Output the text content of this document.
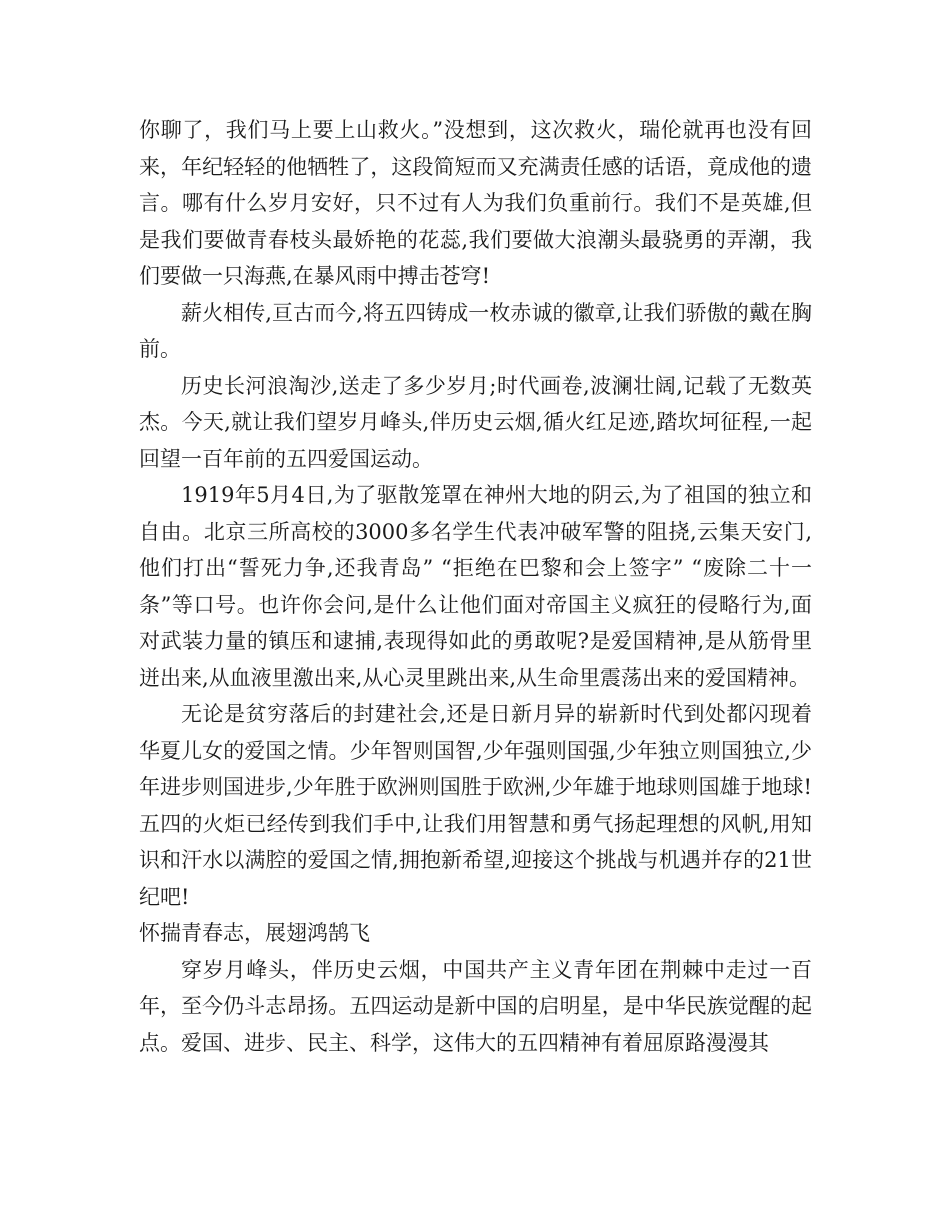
你聊了，我们马上要上山救火。”没想到，这次救火，瑞伦就再也没有回来，年纪轻轻的他牺牲了，这段简短而又充满责任感的话语，竟成他的遗言。哪有什么岁月安好，只不过有人为我们负重前行。我们不是英雄,但是我们要做青春枝头最娇艳的花蕊,我们要做大浪潮头最骁勇的弄潮，我们要做一只海燕,在暴风雨中搏击苍穹!

薪火相传,亘古而今,将五四铸成一枚赤诚的徽章,让我们骄傲的戴在胸前。

历史长河浪淘沙,送走了多少岁月;时代画卷,波澜壮阔,记载了无数英杰。今天,就让我们望岁月峰头,伴历史云烟,循火红足迹,踏坎坷征程,一起回望一百年前的五四爱国运动。

1919年5月4日,为了驱散笼罩在神州大地的阴云,为了祖国的独立和自由。北京三所高校的3000多名学生代表冲破军警的阻挠,云集天安门,他们打出“誓死力争,还我青岛” “拒绝在巴黎和会上签字” “废除二十一条”等口号。也许你会问,是什么让他们面对帝国主义疯狂的侵略行为,面对武装力量的镇压和逮捕,表现得如此的勇敢呢?是爱国精神,是从筋骨里迸出来,从血液里激出来,从心灵里跳出来,从生命里震荡出来的爱国精神。

无论是贫穷落后的封建社会,还是日新月异的崭新时代到处都闪现着华夏儿女的爱国之情。少年智则国智,少年强则国强,少年独立则国独立,少年进步则国进步,少年胜于欧洲则国胜于欧洲,少年雄于地球则国雄于地球!五四的火炬已经传到我们手中,让我们用智慧和勇气扬起理想的风帆,用知识和汗水以满腔的爱国之情,拥抱新希望,迎接这个挑战与机遇并存的21世纪吧!

怀揣青春志，展翅鸿鹄飞

穿岁月峰头，伴历史云烟，中国共产主义青年团在荆棘中走过一百年，至今仍斗志昂扬。五四运动是新中国的启明星，是中华民族觉醒的起点。爱国、进步、民主、科学，这伟大的五四精神有着屈原路漫漫其
